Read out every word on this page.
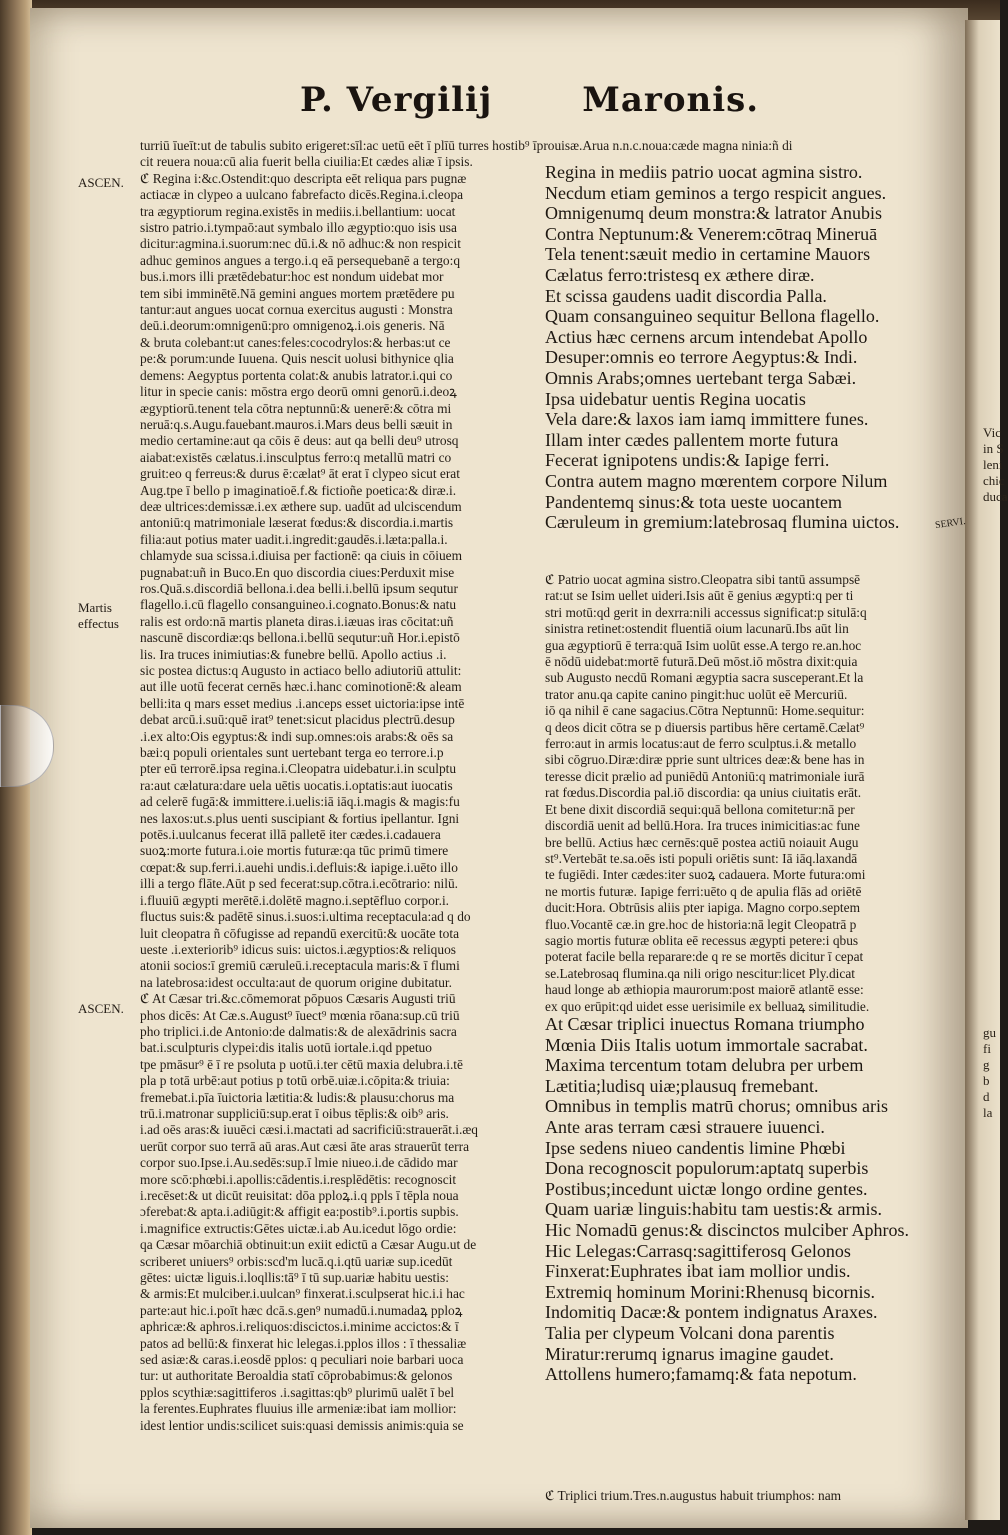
Vic
in S
leni
chic
duca
gu
fi
g
b
d
la
P. Vergilij	Maronis.
ASCEN.
Martis
effectus
ASCEN.
SERVI.

turriū īueīt:ut de tabulis subito erigeret:sīl:ac uetū eēt ī plīū turres hostib⁹ īprouisæ.Arua n.n.c.noua:cæde magna ninia:ñ di

cit reuera noua:cū alia fuerit bella ciuilia:Et cædes aliæ ī ipsis.

ℭ Regina i:&c.Ostendit:quo descripta eēt reliqua pars pugnæ

actiacæ in clypeo a uulcano fabrefacto dicēs.Regina.i.cleopa

tra ægyptiorum regina.existēs in mediis.i.bellantium: uocat

sistro patrio.i.tympaō:aut symbalo illo ægyptio:quo isis usa

dicitur:agmina.i.suorum:nec dū.i.& nō adhuc:& non respicit

adhuc geminos angues a tergo.i.q eā persequebanē a tergo:q

bus.i.mors illi prætēdebatur:hoc est nondum uidebat mor

tem sibi imminētē.Nā gemini angues mortem prætēdere pu

tantur:aut angues uocat cornua exercitus augusti : Monstra

deū.i.deorum:omnigenū:pro omnigenoꝝ.i.ois generis. Nā

& bruta colebant:ut canes:feles:cocodrylos:& herbas:ut ce

pe:& porum:unde Iuuena. Quis nescit uolusi bithynice qlia

demens: Aegyptus portenta colat:& anubis latrator.i.qui co

litur in specie canis: mōstra ergo deorū omni genorū.i.deoꝝ

ægyptiorū.tenent tela cōtra neptunnū:& uenerē:& cōtra mi

neruā:q.s.Augu.fauebant.mauros.i.Mars deus belli sæuit in

medio certamine:aut qa cōis ē deus: aut qa belli deu⁹ utrosq

aiabat:existēs cælatus.i.insculptus ferro:q metallū matri co

gruit:eo q ferreus:& durus ē:cælat⁹ āt erat ī clypeo sicut erat

Aug.tpe ī bello p imaginatioē.f.& fictioñe poetica:& diræ.i.

deæ ultrices:demissæ.i.ex æthere sup. uadūt ad ulciscendum

antoniū:q matrimoniale læserat fœdus:& discordia.i.martis

filia:aut potius mater uadit.i.ingredit:gaudēs.i.læta:palla.i.

chlamyde sua scissa.i.diuisa per factionē: qa ciuis in cōiuem

pugnabat:uñ in Buco.En quo discordia ciues:Perduxit mise

ros.Quā.s.discordiā bellona.i.dea belli.i.bellū ipsum sequtur

flagello.i.cū flagello consanguineo.i.cognato.Bonus:& natu

ralis est ordo:nā martis planeta diras.i.iæuas iras cōcitat:uñ

nascunē discordiæ:qs bellona.i.bellū sequtur:uñ Hor.i.epistō

lis. Ira truces inimiutias:& funebre bellū. Apollo actius .i.

sic postea dictus:q Augusto in actiaco bello adiutoriū attulit:

aut ille uotū fecerat cernēs hæc.i.hanc cominotionē:& aleam

belli:ita q mars esset medius .i.anceps esset uictoria:ipse intē

debat arcū.i.suū:quē irat⁹ tenet:sicut placidus plectrū.desup

.i.ex alto:Ois egyptus:& indi sup.omnes:ois arabs:& oēs sa

bæi:q populi orientales sunt uertebant terga eo terrore.i.p

pter eū terrorē.ipsa regina.i.Cleopatra uidebatur.i.in sculptu

ra:aut cælatura:dare uela uētis uocatis.i.optatis:aut iuocatis

ad celerē fugā:& immittere.i.uelis:iā iāq.i.magis & magis:fu

nes laxos:ut.s.plus uenti suscipiant & fortius ipellantur. Igni

potēs.i.uulcanus fecerat illā palletē iter cædes.i.cadauera

suoꝝ:morte futura.i.oie mortis futuræ:qa tūc primū timere

cœpat:& sup.ferri.i.auehi undis.i.defluis:& iapige.i.uēto illo

illi a tergo flāte.Aūt p sed fecerat:sup.cōtra.i.ecōtrario: nilū.

i.fluuiū ægypti merētē.i.dolētē magno.i.septēfluo corpor.i.

fluctus suis:& padētē sinus.i.suos:i.ultima receptacula:ad q do

luit cleopatra ñ cōfugisse ad repandū exercitū:& uocāte tota

ueste .i.exteriorib⁹ idicus suis: uictos.i.ægyptios:& reliquos

atonii socios:ī gremiū cæruleū.i.receptacula maris:& ī flumi

na latebrosa:idest occulta:aut de quorum origine dubitatur.

ℭ At Cæsar tri.&c.cōmemorat pōpuos Cæsaris Augusti triū

phos dicēs: At Cæ.s.August⁹ īuect⁹ mœnia rōana:sup.cū triū

pho triplici.i.de Antonio:de dalmatis:& de alexādrinis sacra

bat.i.sculpturis clypei:dis italis uotū iortale.i.qd ppetuo

tpe pmāsur⁹ ē ī re psoluta p uotū.i.ter cētū maxia delubra.i.tē

pla p totā urbē:aut potius p totū orbē.uiæ.i.cōpita:& triuia:

fremebat.i.pīa īuictoria lætitia:& ludis:& plausu:chorus ma

trū.i.matronar suppliciū:sup.erat ī oibus tēplis:& oib⁹ aris.

i.ad oēs aras:& iuuēci cæsi.i.mactati ad sacrificiū:strauerāt.i.æq

uerūt corpor suo terrā aū aras.Aut cæsi āte aras strauerūt terra

corpor suo.Ipse.i.Au.sedēs:sup.ī lmie niueo.i.de cādido mar

more scō:phœbi.i.apollis:cādentis.i.resplēdētis: recognoscit

i.recēset:& ut dicūt reuisitat: dōa pploꝝ.i.q ppls ī tēpla noua

ɔferebat:& apta.i.adiūgit:& affigit ea:postib⁹.i.portis supbis.

i.magnifice extructis:Gētes uictæ.i.ab Au.icedut lōgo ordie:

qa Cæsar mōarchiā obtinuit:un exiit edictū a Cæsar Augu.ut de

scriberet uniuers⁹ orbis:scd'm lucā.q.i.qtū uariæ sup.icedūt

gētes: uictæ liguis.i.loqllis:tā⁹ ī tū sup.uariæ habitu uestis:

& armis:Et mulciber.i.uulcan⁹ finxerat.i.sculpserat hic.i.i hac

parte:aut hic.i.poīt hæc dcā.s.gen⁹ numadū.i.numadaꝝ pploꝝ

aphricæ:& aphros.i.reliquos:discictos.i.minime accictos:& ī

patos ad bellū:& finxerat hic lelegas.i.pplos illos : ī thessaliæ

sed asiæ:& caras.i.eosdē pplos: q peculiari noie barbari uoca

tur: ut authoritate Beroaldia statī cōprobabimus:& gelonos

pplos scythiæ:sagittiferos .i.sagittas:qb⁹ plurimū ualēt ī bel

la ferentes.Euphrates fluuius ille armeniæ:ibat iam mollior:

idest lentior undis:scilicet suis:quasi demissis animis:quia se

Regina in mediis patrio uocat agmina sistro.

Necdum etiam geminos a tergo respicit angues.

Omnigenumq deum monstra:& latrator Anubis

Contra Neptunum:& Venerem:cōtraq Mineruā

Tela tenent:sæuit medio in certamine Mauors

Cælatus ferro:tristesq ex æthere diræ.

Et scissa gaudens uadit discordia Palla.

Quam consanguineo sequitur Bellona flagello.

Actius hæc cernens arcum intendebat Apollo

Desuper:omnis eo terrore Aegyptus:& Indi.

Omnis Arabs;omnes uertebant terga Sabæi.

Ipsa uidebatur uentis Regina uocatis

Vela dare:& laxos iam iamq immittere funes.

Illam inter cædes pallentem morte futura

Fecerat ignipotens undis:& Iapige ferri.

Contra autem magno mœrentem corpore Nilum

Pandentemq sinus:& tota ueste uocantem

Cæruleum in gremium:latebrosaq flumina uictos.

ℭ Patrio uocat agmina sistro.Cleopatra sibi tantū assumpsē

rat:ut se Isim uellet uideri.Isis aūt ē genius ægypti:q per ti

stri motū:qd gerit in dexrra:nili accessus significat:p situlā:q

sinistra retinet:ostendit fluentiā oium lacunarū.Ibs aūt lin

gua ægyptiorū ē terra:quā Isim uolūt esse.A tergo re.an.hoc

ē nōdū uidebat:mortē futurā.Deū mōst.iō mōstra dixit:quia

sub Augusto necdū Romani ægyptia sacra susceperant.Et la

trator anu.qa capite canino pingit:huc uolūt eē Mercuriū.

iō qa nihil ē cane sagacius.Cōtra Neptunnū: Home.sequitur:

q deos dicit cōtra se p diuersis partibus hēre certamē.Cælat⁹

ferro:aut in armis locatus:aut de ferro sculptus.i.& metallo

sibi cōgruo.Diræ:diræ pprie sunt ultrices deæ:& bene has in

teresse dicit prælio ad puniēdū Antoniū:q matrimoniale iurā

rat fœdus.Discordia pal.iō discordia: qa unius ciuitatis erāt.

Et bene dixit discordiā sequi:quā bellona comitetur:nā per

discordiā uenit ad bellū.Hora. Ira truces inimicitias:ac fune

bre bellū. Actius hæc cernēs:quē postea actiū noiauit Augu

st⁹.Vertebāt te.sa.oēs isti populi oriētis sunt: Iā iāq.laxandā

te fugiēdi. Inter cædes:iter suoꝝ cadauera. Morte futura:omi

ne mortis futuræ. Iapige ferri:uēto q de apulia flās ad oriētē

ducit:Hora. Obtrūsis aliis pter iapiga. Magno corpo.septem

fluo.Vocantē cæ.in gre.hoc de historia:nā legit Cleopatrā p

sagio mortis futuræ oblita eē recessus ægypti petere:i qbus

poterat facile bella reparare:de q re se mortēs dicitur ī cepat

se.Latebrosaq flumina.qa nili origo nescitur:licet Ply.dicat

haud longe ab æthiopia maurorum:post maiorē atlantē esse:

ex quo erūpit:qd uidet esse uerisimile ex belluaꝝ similitudie.

At Cæsar triplici inuectus Romana triumpho

Mœnia Diis Italis uotum immortale sacrabat.

Maxima tercentum totam delubra per urbem

Lætitia;ludisq uiæ;plausuq fremebant.

Omnibus in templis matrū chorus; omnibus aris

Ante aras terram cæsi strauere iuuenci.

Ipse sedens niueo candentis limine Phœbi

Dona recognoscit populorum:aptatq superbis

Postibus;incedunt uictæ longo ordine gentes.

Quam uariæ linguis:habitu tam uestis:& armis.

Hic Nomadū genus:& discinctos mulciber Aphros.

Hic Lelegas:Carrasq:sagittiferosq Gelonos

Finxerat:Euphrates ibat iam mollior undis.

Extremiq hominum Morini:Rhenusq bicornis.

Indomitiq Dacæ:& pontem indignatus Araxes.

Talia per clypeum Volcani dona parentis

Miratur:rerumq ignarus imagine gaudet.

Attollens humero;famamq:& fata nepotum.

ℭ Triplici trium.Tres.n.augustus habuit triumphos: nam
